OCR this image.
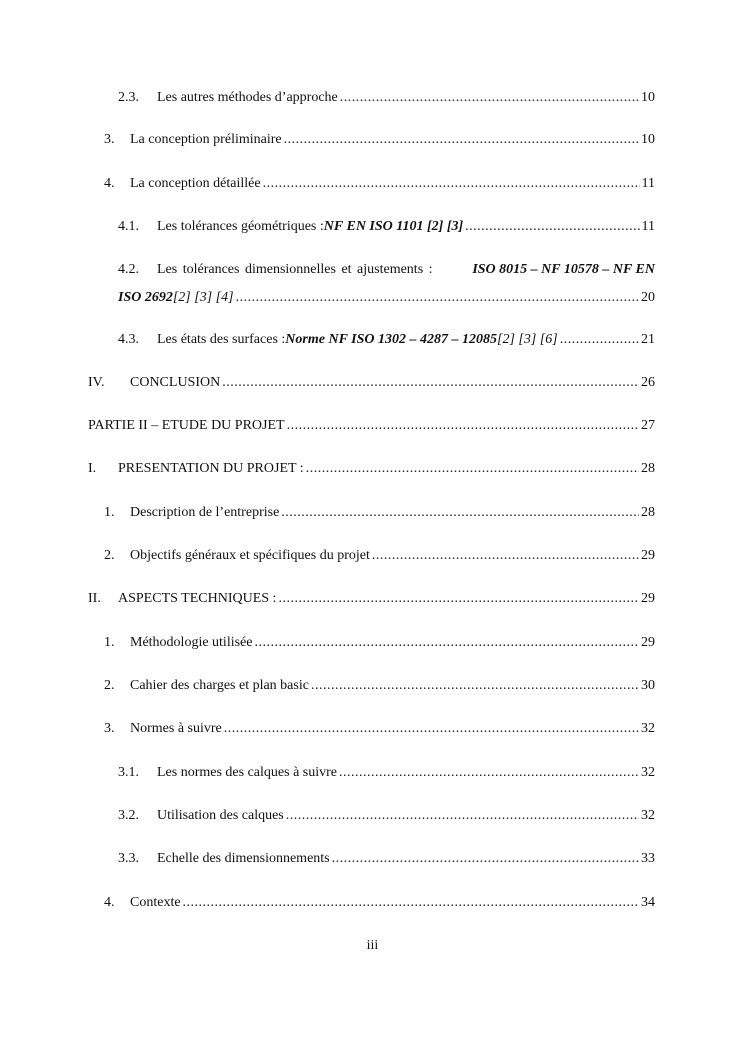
2.3.	Les autres méthodes d’approche .....	10
3.	La conception préliminaire .....	10
4.	La conception détaillée .....	11
4.1.	Les tolérances géométriques : NF EN ISO 1101 [2] [3] .....	11
4.2. Les tolérances dimensionnelles et ajustements :	ISO 8015 – NF 10578 – NF EN
ISO 2692 [2] [3] [4] .....	20
4.3.	Les états des surfaces : Norme NF ISO 1302 – 4287 – 12085 [2] [3] [6] .....	21
IV.	CONCLUSION .....	26
PARTIE II – ETUDE DU PROJET .....	27
I.	PRESENTATION DU PROJET : .....	28
1.	Description de l’entreprise .....	28
2.	Objectifs généraux et spécifiques du projet .....	29
II.	ASPECTS TECHNIQUES : .....	29
1.	Méthodologie utilisée .....	29
2.	Cahier des charges et plan basic .....	30
3.	Normes à suivre .....	32
3.1.	Les normes des calques à suivre .....	32
3.2.	Utilisation des calques .....	32
3.3.	Echelle des dimensionnements .....	33
4.	Contexte .....	34
iii
